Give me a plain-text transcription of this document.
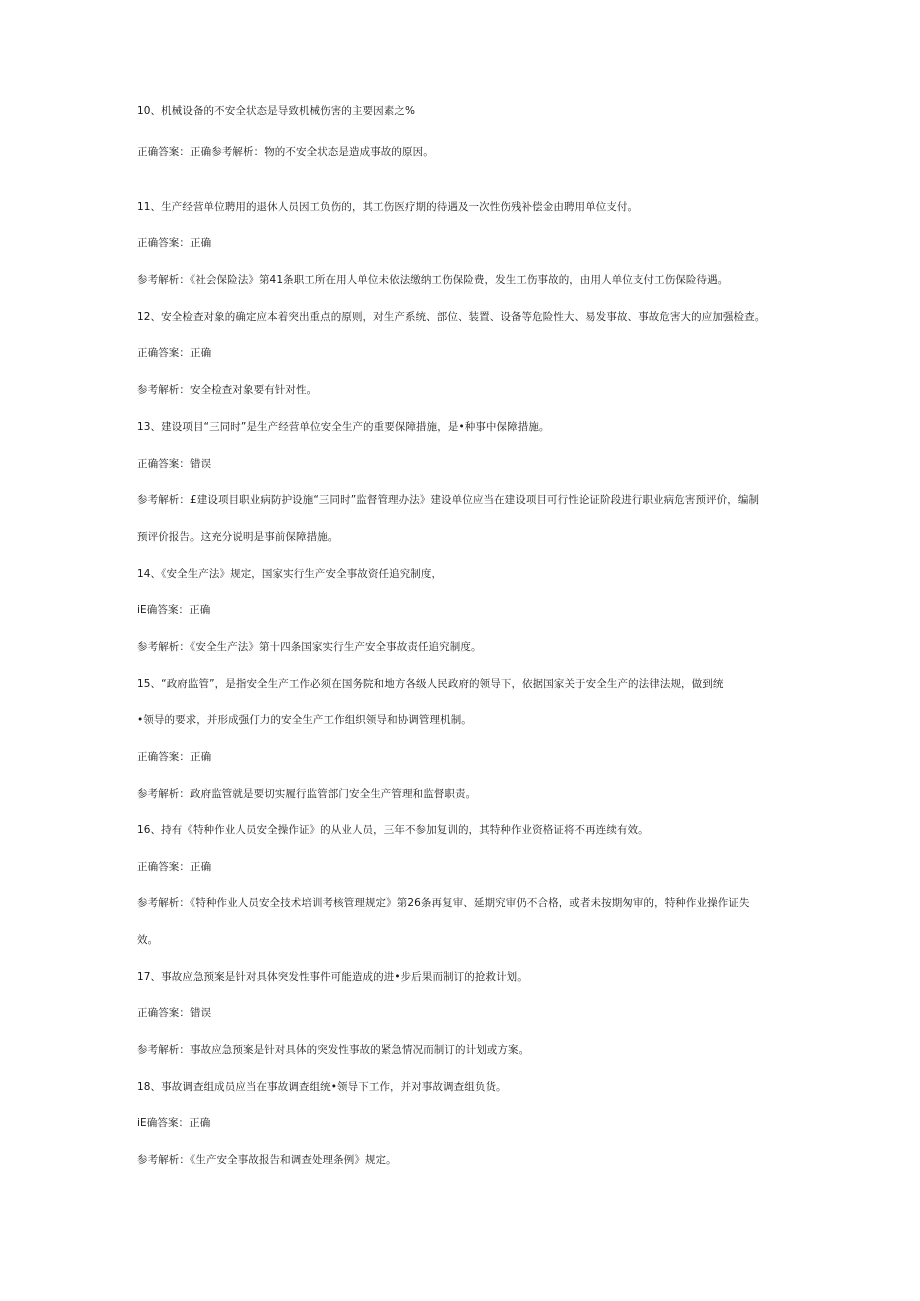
10、机械设备的不安全状态是导致机械伤害的主要因素之%
正确答案：正确参考解析：物的不安全状态是造成事故的原因。
11、生产经营单位聘用的退休人员因工负伤的，其工伤医疗期的待遇及一次性伤残补偿金由聘用单位支付。
正确答案：正确
参考解析：《社会保险法》第41条职工所在用人单位未依法缴纳工伤保险费，发生工伤事故的，由用人单位支付工伤保险待遇。
12、安全检查对象的确定应本着突出重点的原则，对生产系统、部位、装置、设备等危险性大、易发事故、事故危害大的应加强检查。
正确答案：正确
参考解析：安全检查对象要有针对性。
13、建设项目“三同时”是生产经营单位安全生产的重要保障措施，是•种事中保障措施。
正确答案：错误
参考解析：£建设项目职业病防护设施“三同时”监督管理办法》建设单位应当在建设项目可行性论证阶段进行职业病危害预评价，编制
预评价报告。这充分说明是事前保障措施。
14、《安全生产法》规定，国家实行生产安全事故资任追究制度，
iE确答案：正确
参考解析：《安全生产法》第十四条国家实行生产安全事故责任追究制度。
15、“政府监管”，是指安全生产工作必须在国务院和地方各级人民政府的领导下，依据国家关于安全生产的法律法规，做到统
•领导的要求，并形成强仃力的安全生产工作组织领导和协调管理机制。
正确答案：正确
参考解析：政府监管就是要切实履行监管部门安全生产管理和监督职责。
16、持有《特种作业人员安全操作证》的从业人员，三年不参加复训的，其特种作业资格证将不再连续有效。
正确答案：正确
参考解析：《特种作业人员安全技术培训考核管理规定》第26条再复审、延期究审仍不合格，或者未按期匆审的，特种作业操作证失
效。
17、事故应急预案是针对具体突发性事件可能造成的进•步后果而制订的抢救计划。
正确答案：错误
参考解析：事故应急预案是针对具体的突发性事故的紧急情况而制订的计划或方案。
18、事故调查组成员应当在事故调查组统•领导下工作，并对事故调查组负货。
iE确答案：正确
参考解析：《生产安全事故报告和调查处理条例》规定。
